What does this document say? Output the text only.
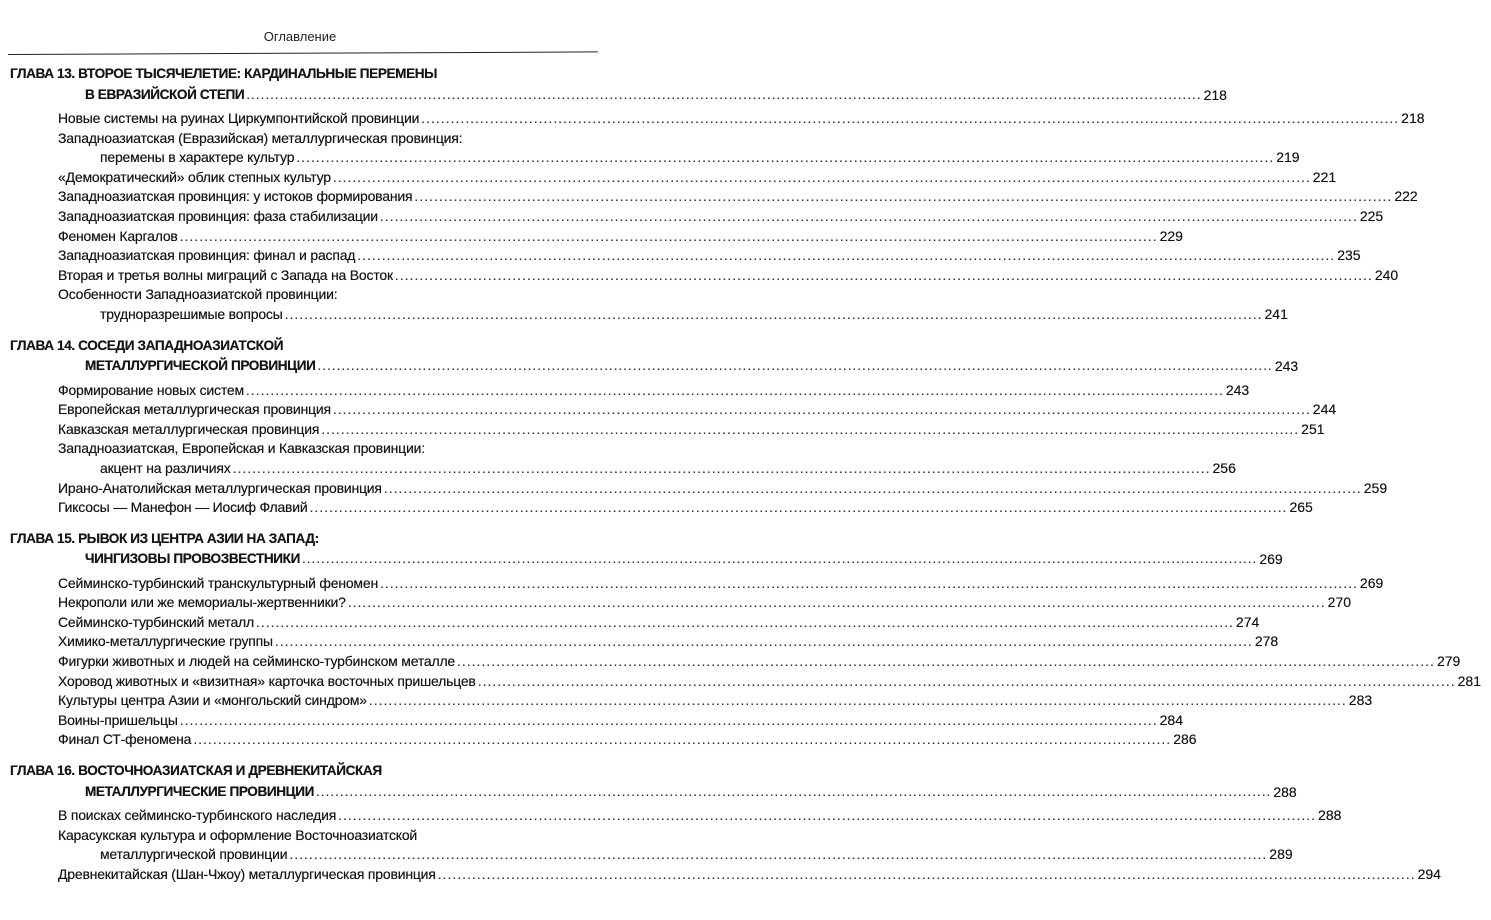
Оглавление
ГЛАВА 13. ВТОРОЕ ТЫСЯЧЕЛЕТИЕ: КАРДИНАЛЬНЫЕ ПЕРЕМЕНЫ
В ЕВРАЗИЙСКОЙ СТЕПИ ........................................................................................................................................................................................................ 218
Новые системы на руинах Циркумпонтийской провинции ........................................................................................................................................................................................................ 218
Западноазиатская (Евразийская) металлургическая провинция:
перемены в характере культур ........................................................................................................................................................................................................ 219
«Демократический» облик степных культур ........................................................................................................................................................................................................ 221
Западноазиатская провинция: у истоков формирования ........................................................................................................................................................................................................ 222
Западноазиатская провинция: фаза стабилизации ........................................................................................................................................................................................................ 225
Феномен Каргалов ........................................................................................................................................................................................................ 229
Западноазиатская провинция: финал и распад ........................................................................................................................................................................................................ 235
Вторая и третья волны миграций с Запада на Восток ........................................................................................................................................................................................................ 240
Особенности Западноазиатской провинции:
трудноразрешимые вопросы ........................................................................................................................................................................................................ 241
ГЛАВА 14. СОСЕДИ ЗАПАДНОАЗИАТСКОЙ
МЕТАЛЛУРГИЧЕСКОЙ ПРОВИНЦИИ ........................................................................................................................................................................................................ 243
Формирование новых систем ........................................................................................................................................................................................................ 243
Европейская металлургическая провинция ........................................................................................................................................................................................................ 244
Кавказская металлургическая провинция ........................................................................................................................................................................................................ 251
Западноазиатская, Европейская и Кавказская провинции:
акцент на различиях ........................................................................................................................................................................................................ 256
Ирано-Анатолийская металлургическая провинция ........................................................................................................................................................................................................ 259
Гиксосы — Манефон — Иосиф Флавий ........................................................................................................................................................................................................ 265
ГЛАВА 15. РЫВОК ИЗ ЦЕНТРА АЗИИ НА ЗАПАД:
ЧИНГИЗОВЫ ПРОВОЗВЕСТНИКИ ........................................................................................................................................................................................................ 269
Сейминско-турбинский транскультурный феномен ........................................................................................................................................................................................................ 269
Некрополи или же мемориалы-жертвенники? ........................................................................................................................................................................................................ 270
Сейминско-турбинский металл ........................................................................................................................................................................................................ 274
Химико-металлургические группы ........................................................................................................................................................................................................ 278
Фигурки животных и людей на сейминско-турбинском металле ........................................................................................................................................................................................................ 279
Хоровод животных и «визитная» карточка восточных пришельцев ........................................................................................................................................................................................................ 281
Культуры центра Азии и «монгольский синдром» ........................................................................................................................................................................................................ 283
Воины-пришельцы ........................................................................................................................................................................................................ 284
Финал СТ-феномена ........................................................................................................................................................................................................ 286
ГЛАВА 16. ВОСТОЧНОАЗИАТСКАЯ И ДРЕВНЕКИТАЙСКАЯ
МЕТАЛЛУРГИЧЕСКИЕ ПРОВИНЦИИ ........................................................................................................................................................................................................ 288
В поисках сейминско-турбинского наследия ........................................................................................................................................................................................................ 288
Карасукская культура и оформление Восточноазиатской
металлургической провинции ........................................................................................................................................................................................................ 289
Древнекитайская (Шан-Чжоу) металлургическая провинция ........................................................................................................................................................................................................ 294
